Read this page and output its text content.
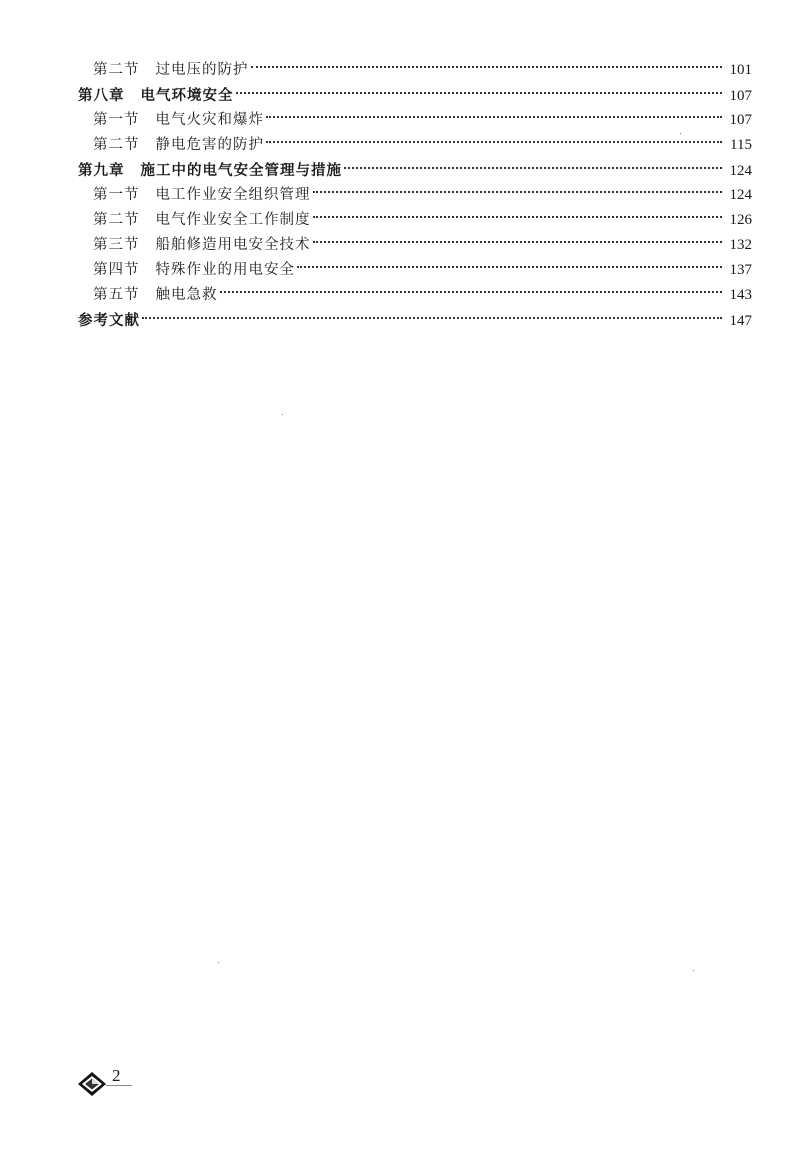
第二节 过电压的防护	101
第八章 电气环境安全	107
第一节 电气火灾和爆炸	107
第二节 静电危害的防护	115
第九章 施工中的电气安全管理与措施	124
第一节 电工作业安全组织管理	124
第二节 电气作业安全工作制度	126
第三节 船舶修造用电安全技术	132
第四节 特殊作业的用电安全	137
第五节 触电急救	143
参考文献	147
2
